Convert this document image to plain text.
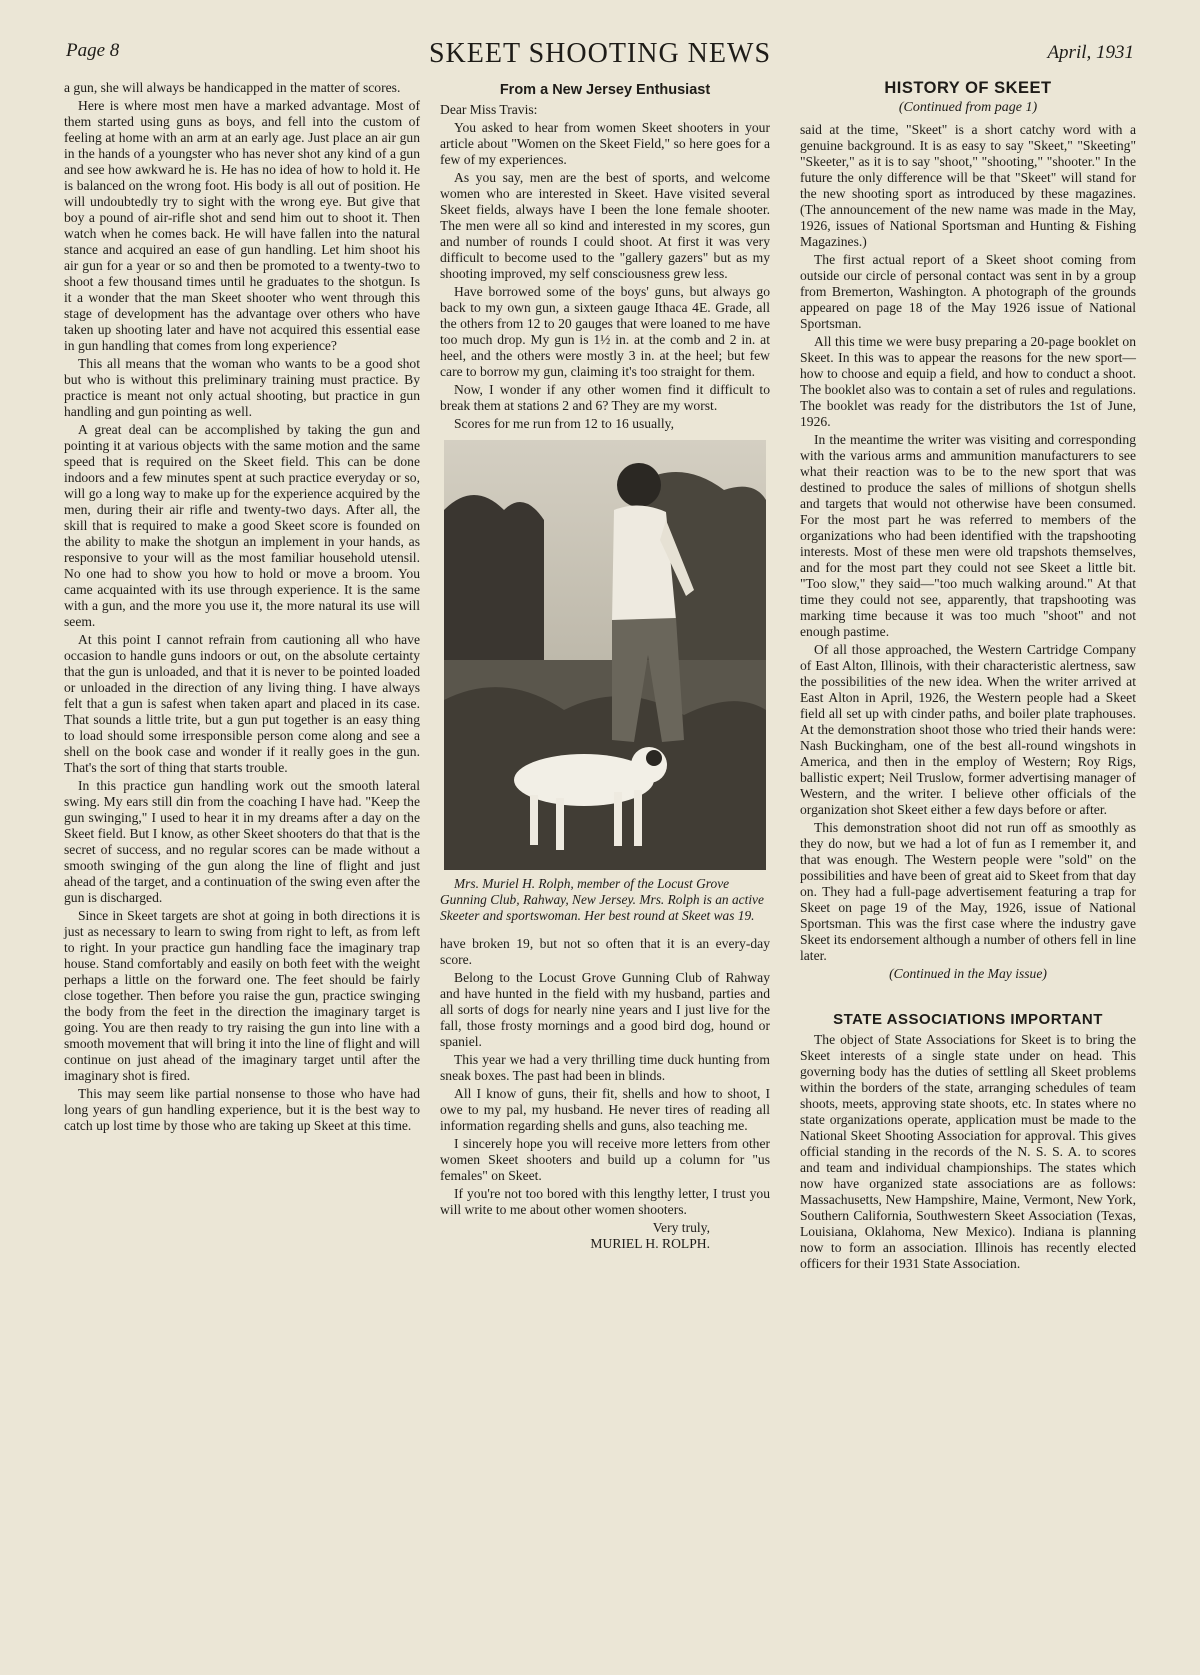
Page 8	SKEET SHOOTING NEWS	April, 1931

a gun, she will always be handicapped in the matter of scores.

Here is where most men have a marked advantage. Most of them started using guns as boys, and fell into the custom of feeling at home with an arm at an early age. Just place an air gun in the hands of a youngster who has never shot any kind of a gun and see how awkward he is. He has no idea of how to hold it. He is balanced on the wrong foot. His body is all out of position. He will undoubtedly try to sight with the wrong eye. But give that boy a pound of air-rifle shot and send him out to shoot it. Then watch when he comes back. He will have fallen into the natural stance and acquired an ease of gun handling. Let him shoot his air gun for a year or so and then be promoted to a twenty-two to shoot a few thousand times until he graduates to the shotgun. Is it a wonder that the man Skeet shooter who went through this stage of development has the advantage over others who have taken up shooting later and have not acquired this essential ease in gun handling that comes from long experience?

This all means that the woman who wants to be a good shot but who is without this preliminary training must practice. By practice is meant not only actual shooting, but practice in gun handling and gun pointing as well.

A great deal can be accomplished by taking the gun and pointing it at various objects with the same motion and the same speed that is required on the Skeet field. This can be done indoors and a few minutes spent at such practice everyday or so, will go a long way to make up for the experience acquired by the men, during their air rifle and twenty-two days. After all, the skill that is required to make a good Skeet score is founded on the ability to make the shotgun an implement in your hands, as responsive to your will as the most familiar household utensil. No one had to show you how to hold or move a broom. You came acquainted with its use through experience. It is the same with a gun, and the more you use it, the more natural its use will seem.

At this point I cannot refrain from cautioning all who have occasion to handle guns indoors or out, on the absolute certainty that the gun is unloaded, and that it is never to be pointed loaded or unloaded in the direction of any living thing. I have always felt that a gun is safest when taken apart and placed in its case. That sounds a little trite, but a gun put together is an easy thing to load should some irresponsible person come along and see a shell on the book case and wonder if it really goes in the gun. That's the sort of thing that starts trouble.

In this practice gun handling work out the smooth lateral swing. My ears still din from the coaching I have had. "Keep the gun swinging," I used to hear it in my dreams after a day on the Skeet field. But I know, as other Skeet shooters do that that is the secret of success, and no regular scores can be made without a smooth swinging of the gun along the line of flight and just ahead of the target, and a continuation of the swing even after the gun is discharged.

Since in Skeet targets are shot at going in both directions it is just as necessary to learn to swing from right to left, as from left to right. In your practice gun handling face the imaginary trap house. Stand comfortably and easily on both feet with the weight perhaps a little on the forward one. The feet should be fairly close together. Then before you raise the gun, practice swinging the body from the feet in the direction the imaginary target is going. You are then ready to try raising the gun into line with a smooth movement that will bring it into the line of flight and will continue on just ahead of the imaginary target until after the imaginary shot is fired.

This may seem like partial nonsense to those who have had long years of gun handling experience, but it is the best way to catch up lost time by those who are taking up Skeet at this time.

From a New Jersey Enthusiast

Dear Miss Travis:

You asked to hear from women Skeet shooters in your article about "Women on the Skeet Field," so here goes for a few of my experiences.

As you say, men are the best of sports, and welcome women who are interested in Skeet. Have visited several Skeet fields, always have I been the lone female shooter. The men were all so kind and interested in my scores, gun and number of rounds I could shoot. At first it was very difficult to become used to the "gallery gazers" but as my shooting improved, my self consciousness grew less.

Have borrowed some of the boys' guns, but always go back to my own gun, a sixteen gauge Ithaca 4E. Grade, all the others from 12 to 20 gauges that were loaned to me have too much drop. My gun is 1½ in. at the comb and 2 in. at heel, and the others were mostly 3 in. at the heel; but few care to borrow my gun, claiming it's too straight for them.

Now, I wonder if any other women find it difficult to break them at stations 2 and 6? They are my worst.

Scores for me run from 12 to 16 usually,

Mrs. Muriel H. Rolph, member of the Locust Grove Gunning Club, Rahway, New Jersey. Mrs. Rolph is an active Skeeter and sportswoman. Her best round at Skeet was 19.

have broken 19, but not so often that it is an every-day score.

Belong to the Locust Grove Gunning Club of Rahway and have hunted in the field with my husband, parties and all sorts of dogs for nearly nine years and I just live for the fall, those frosty mornings and a good bird dog, hound or spaniel.

This year we had a very thrilling time duck hunting from sneak boxes. The past had been in blinds.

All I know of guns, their fit, shells and how to shoot, I owe to my pal, my husband. He never tires of reading all information regarding shells and guns, also teaching me.

I sincerely hope you will receive more letters from other women Skeet shooters and build up a column for "us females" on Skeet.

If you're not too bored with this lengthy letter, I trust you will write to me about other women shooters.

Very truly,

MURIEL H. ROLPH.

HISTORY OF SKEET
(Continued from page 1)

said at the time, "Skeet" is a short catchy word with a genuine background. It is as easy to say "Skeet," "Skeeting" "Skeeter," as it is to say "shoot," "shooting," "shooter." In the future the only difference will be that "Skeet" will stand for the new shooting sport as introduced by these magazines. (The announcement of the new name was made in the May, 1926, issues of National Sportsman and Hunting & Fishing Magazines.)

The first actual report of a Skeet shoot coming from outside our circle of personal contact was sent in by a group from Bremerton, Washington. A photograph of the grounds appeared on page 18 of the May 1926 issue of National Sportsman.

All this time we were busy preparing a 20-page booklet on Skeet. In this was to appear the reasons for the new sport—how to choose and equip a field, and how to conduct a shoot. The booklet also was to contain a set of rules and regulations. The booklet was ready for the distributors the 1st of June, 1926.

In the meantime the writer was visiting and corresponding with the various arms and ammunition manufacturers to see what their reaction was to be to the new sport that was destined to produce the sales of millions of shotgun shells and targets that would not otherwise have been consumed. For the most part he was referred to members of the organizations who had been identified with the trapshooting interests. Most of these men were old trapshots themselves, and for the most part they could not see Skeet a little bit. "Too slow," they said—"too much walking around." At that time they could not see, apparently, that trapshooting was marking time because it was too much "shoot" and not enough pastime.

Of all those approached, the Western Cartridge Company of East Alton, Illinois, with their characteristic alertness, saw the possibilities of the new idea. When the writer arrived at East Alton in April, 1926, the Western people had a Skeet field all set up with cinder paths, and boiler plate traphouses. At the demonstration shoot those who tried their hands were: Nash Buckingham, one of the best all-round wingshots in America, and then in the employ of Western; Roy Rigs, ballistic expert; Neil Truslow, former advertising manager of Western, and the writer. I believe other officials of the organization shot Skeet either a few days before or after.

This demonstration shoot did not run off as smoothly as they do now, but we had a lot of fun as I remember it, and that was enough. The Western people were "sold" on the possibilities and have been of great aid to Skeet from that day on. They had a full-page advertisement featuring a trap for Skeet on page 19 of the May, 1926, issue of National Sportsman. This was the first case where the industry gave Skeet its endorsement although a number of others fell in line later.

(Continued in the May issue)
STATE ASSOCIATIONS IMPORTANT

The object of State Associations for Skeet is to bring the Skeet interests of a single state under on head. This governing body has the duties of settling all Skeet problems within the borders of the state, arranging schedules of team shoots, meets, approving state shoots, etc. In states where no state organizations operate, application must be made to the National Skeet Shooting Association for approval. This gives official standing in the records of the N. S. S. A. to scores and team and individual championships. The states which now have organized state associations are as follows: Massachusetts, New Hampshire, Maine, Vermont, New York, Southern California, Southwestern Skeet Association (Texas, Louisiana, Oklahoma, New Mexico). Indiana is planning now to form an association. Illinois has recently elected officers for their 1931 State Association.
